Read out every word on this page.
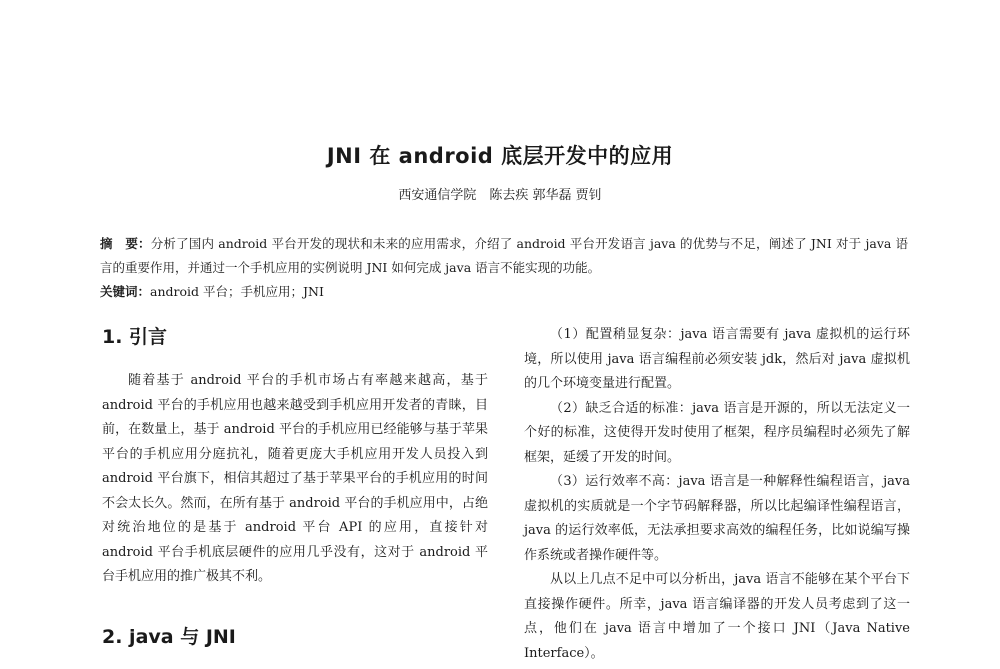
JNI 在 android 底层开发中的应用
西安通信学院　陈去疾 郭华磊 贾钊

摘　要：分析了国内 android 平台开发的现状和未来的应用需求，介绍了 android 平台开发语言 java 的优势与不足，阐述了 JNI 对于 java 语言的重要作用，并通过一个手机应用的实例说明 JNI 如何完成 java 语言不能实现的功能。

关键词：android 平台；手机应用；JNI

1. 引言

随着基于 android 平台的手机市场占有率越来越高，基于 android 平台的手机应用也越来越受到手机应用开发者的青睐，目前，在数量上，基于 android 平台的手机应用已经能够与基于苹果平台的手机应用分庭抗礼，随着更庞大手机应用开发人员投入到 android 平台旗下，相信其超过了基于苹果平台的手机应用的时间不会太长久。然而，在所有基于 android 平台的手机应用中，占绝对统治地位的是基于 android 平台 API 的应用，直接针对 android 平台手机底层硬件的应用几乎没有，这对于 android 平台手机应用的推广极其不利。

2. java 与 JNI

（1）配置稍显复杂：java 语言需要有 java 虚拟机的运行环境，所以使用 java 语言编程前必须安装 jdk，然后对 java 虚拟机的几个环境变量进行配置。

（2）缺乏合适的标准：java 语言是开源的，所以无法定义一个好的标准，这使得开发时使用了框架，程序员编程时必须先了解框架，延缓了开发的时间。

（3）运行效率不高：java 语言是一种解释性编程语言，java 虚拟机的实质就是一个字节码解释器，所以比起编译性编程语言，java 的运行效率低，无法承担要求高效的编程任务，比如说编写操作系统或者操作硬件等。

从以上几点不足中可以分析出，java 语言不能够在某个平台下直接操作硬件。所幸，java 语言编译器的开发人员考虑到了这一点，他们在 java 语言中增加了一个接口 JNI（Java Native Interface）。
